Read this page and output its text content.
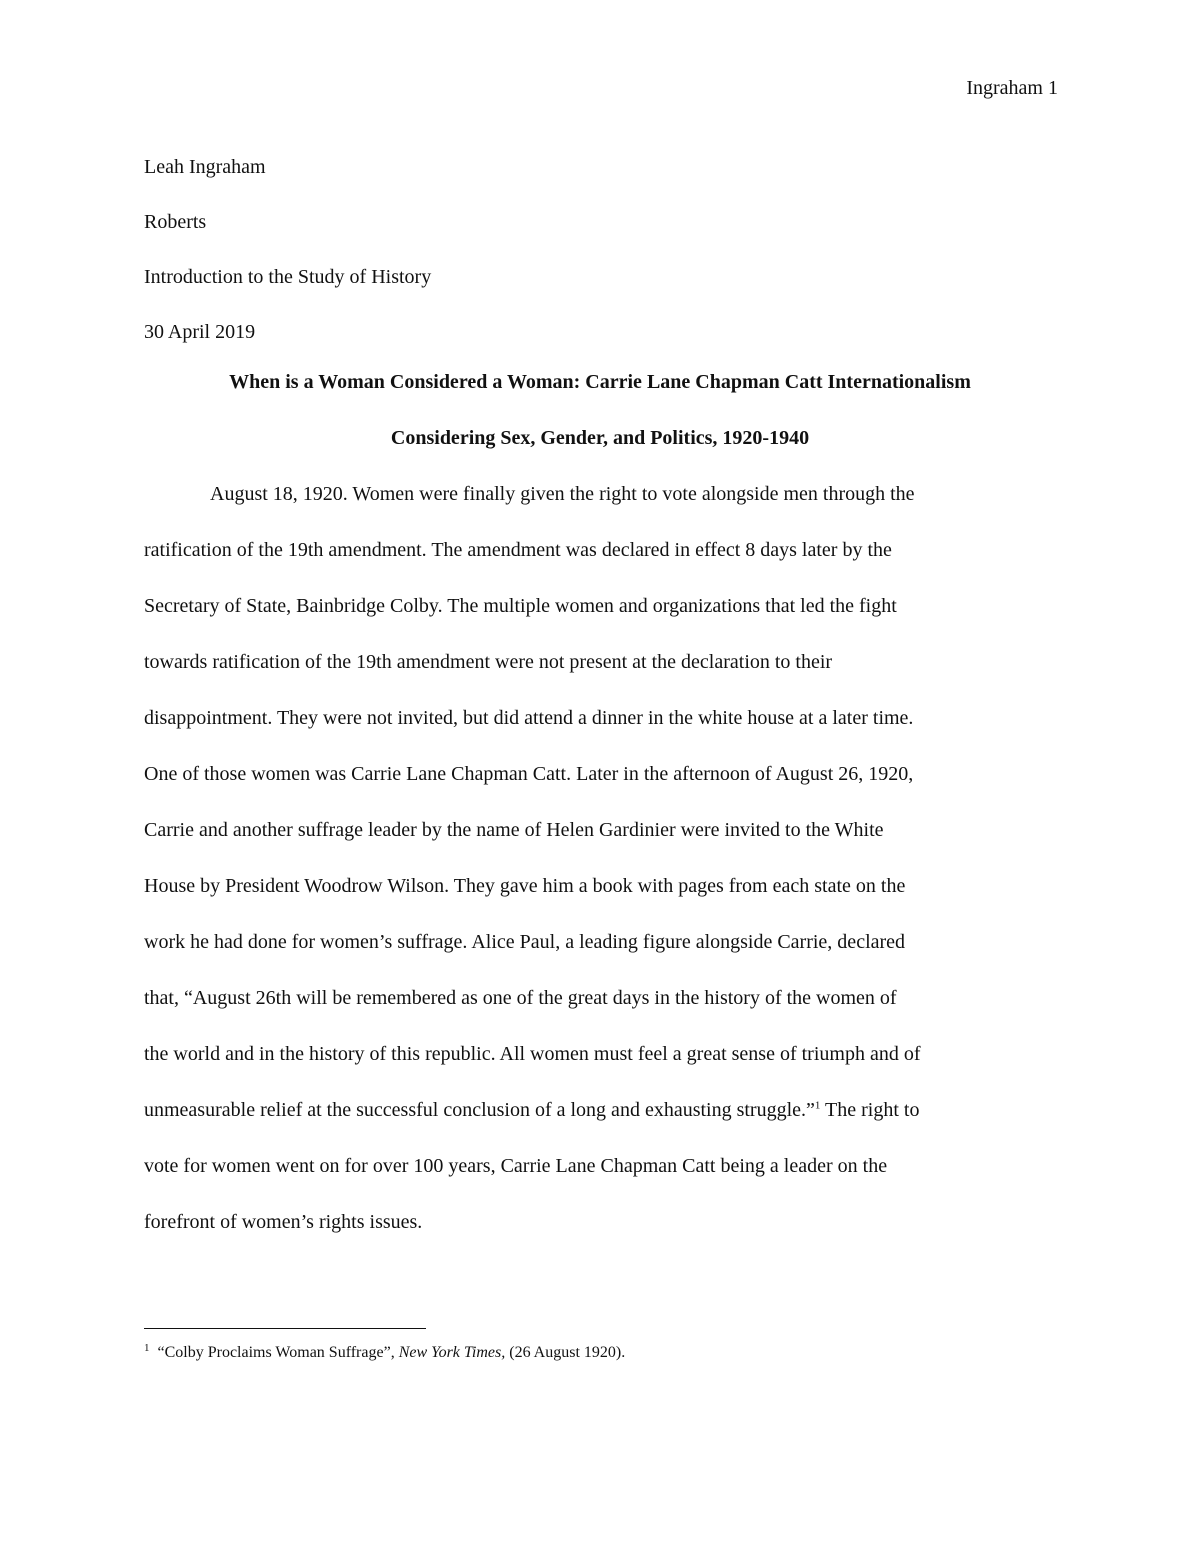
Ingraham 1
Leah Ingraham
Roberts
Introduction to the Study of History
30 April 2019
When is a Woman Considered a Woman: Carrie Lane Chapman Catt Internationalism
Considering Sex, Gender, and Politics, 1920-1940
August 18, 1920. Women were finally given the right to vote alongside men through the
ratification of the 19th amendment. The amendment was declared in effect 8 days later by the
Secretary of State, Bainbridge Colby. The multiple women and organizations that led the fight
towards ratification of the 19th amendment were not present at the declaration to their
disappointment. They were not invited, but did attend a dinner in the white house at a later time.
One of those women was Carrie Lane Chapman Catt. Later in the afternoon of August 26, 1920,
Carrie and another suffrage leader by the name of Helen Gardinier were invited to the White
House by President Woodrow Wilson. They gave him a book with pages from each state on the
work he had done for women’s suffrage. Alice Paul, a leading figure alongside Carrie, declared
that, “August 26th will be remembered as one of the great days in the history of the women of
the world and in the history of this republic. All women must feel a great sense of triumph and of
unmeasurable relief at the successful conclusion of a long and exhausting struggle.”$^1$ The right to
vote for women went on for over 100 years, Carrie Lane Chapman Catt being a leader on the
forefront of women’s rights issues.
$^1$ “Colby Proclaims Woman Suffrage”, New York Times, (26 August 1920).
